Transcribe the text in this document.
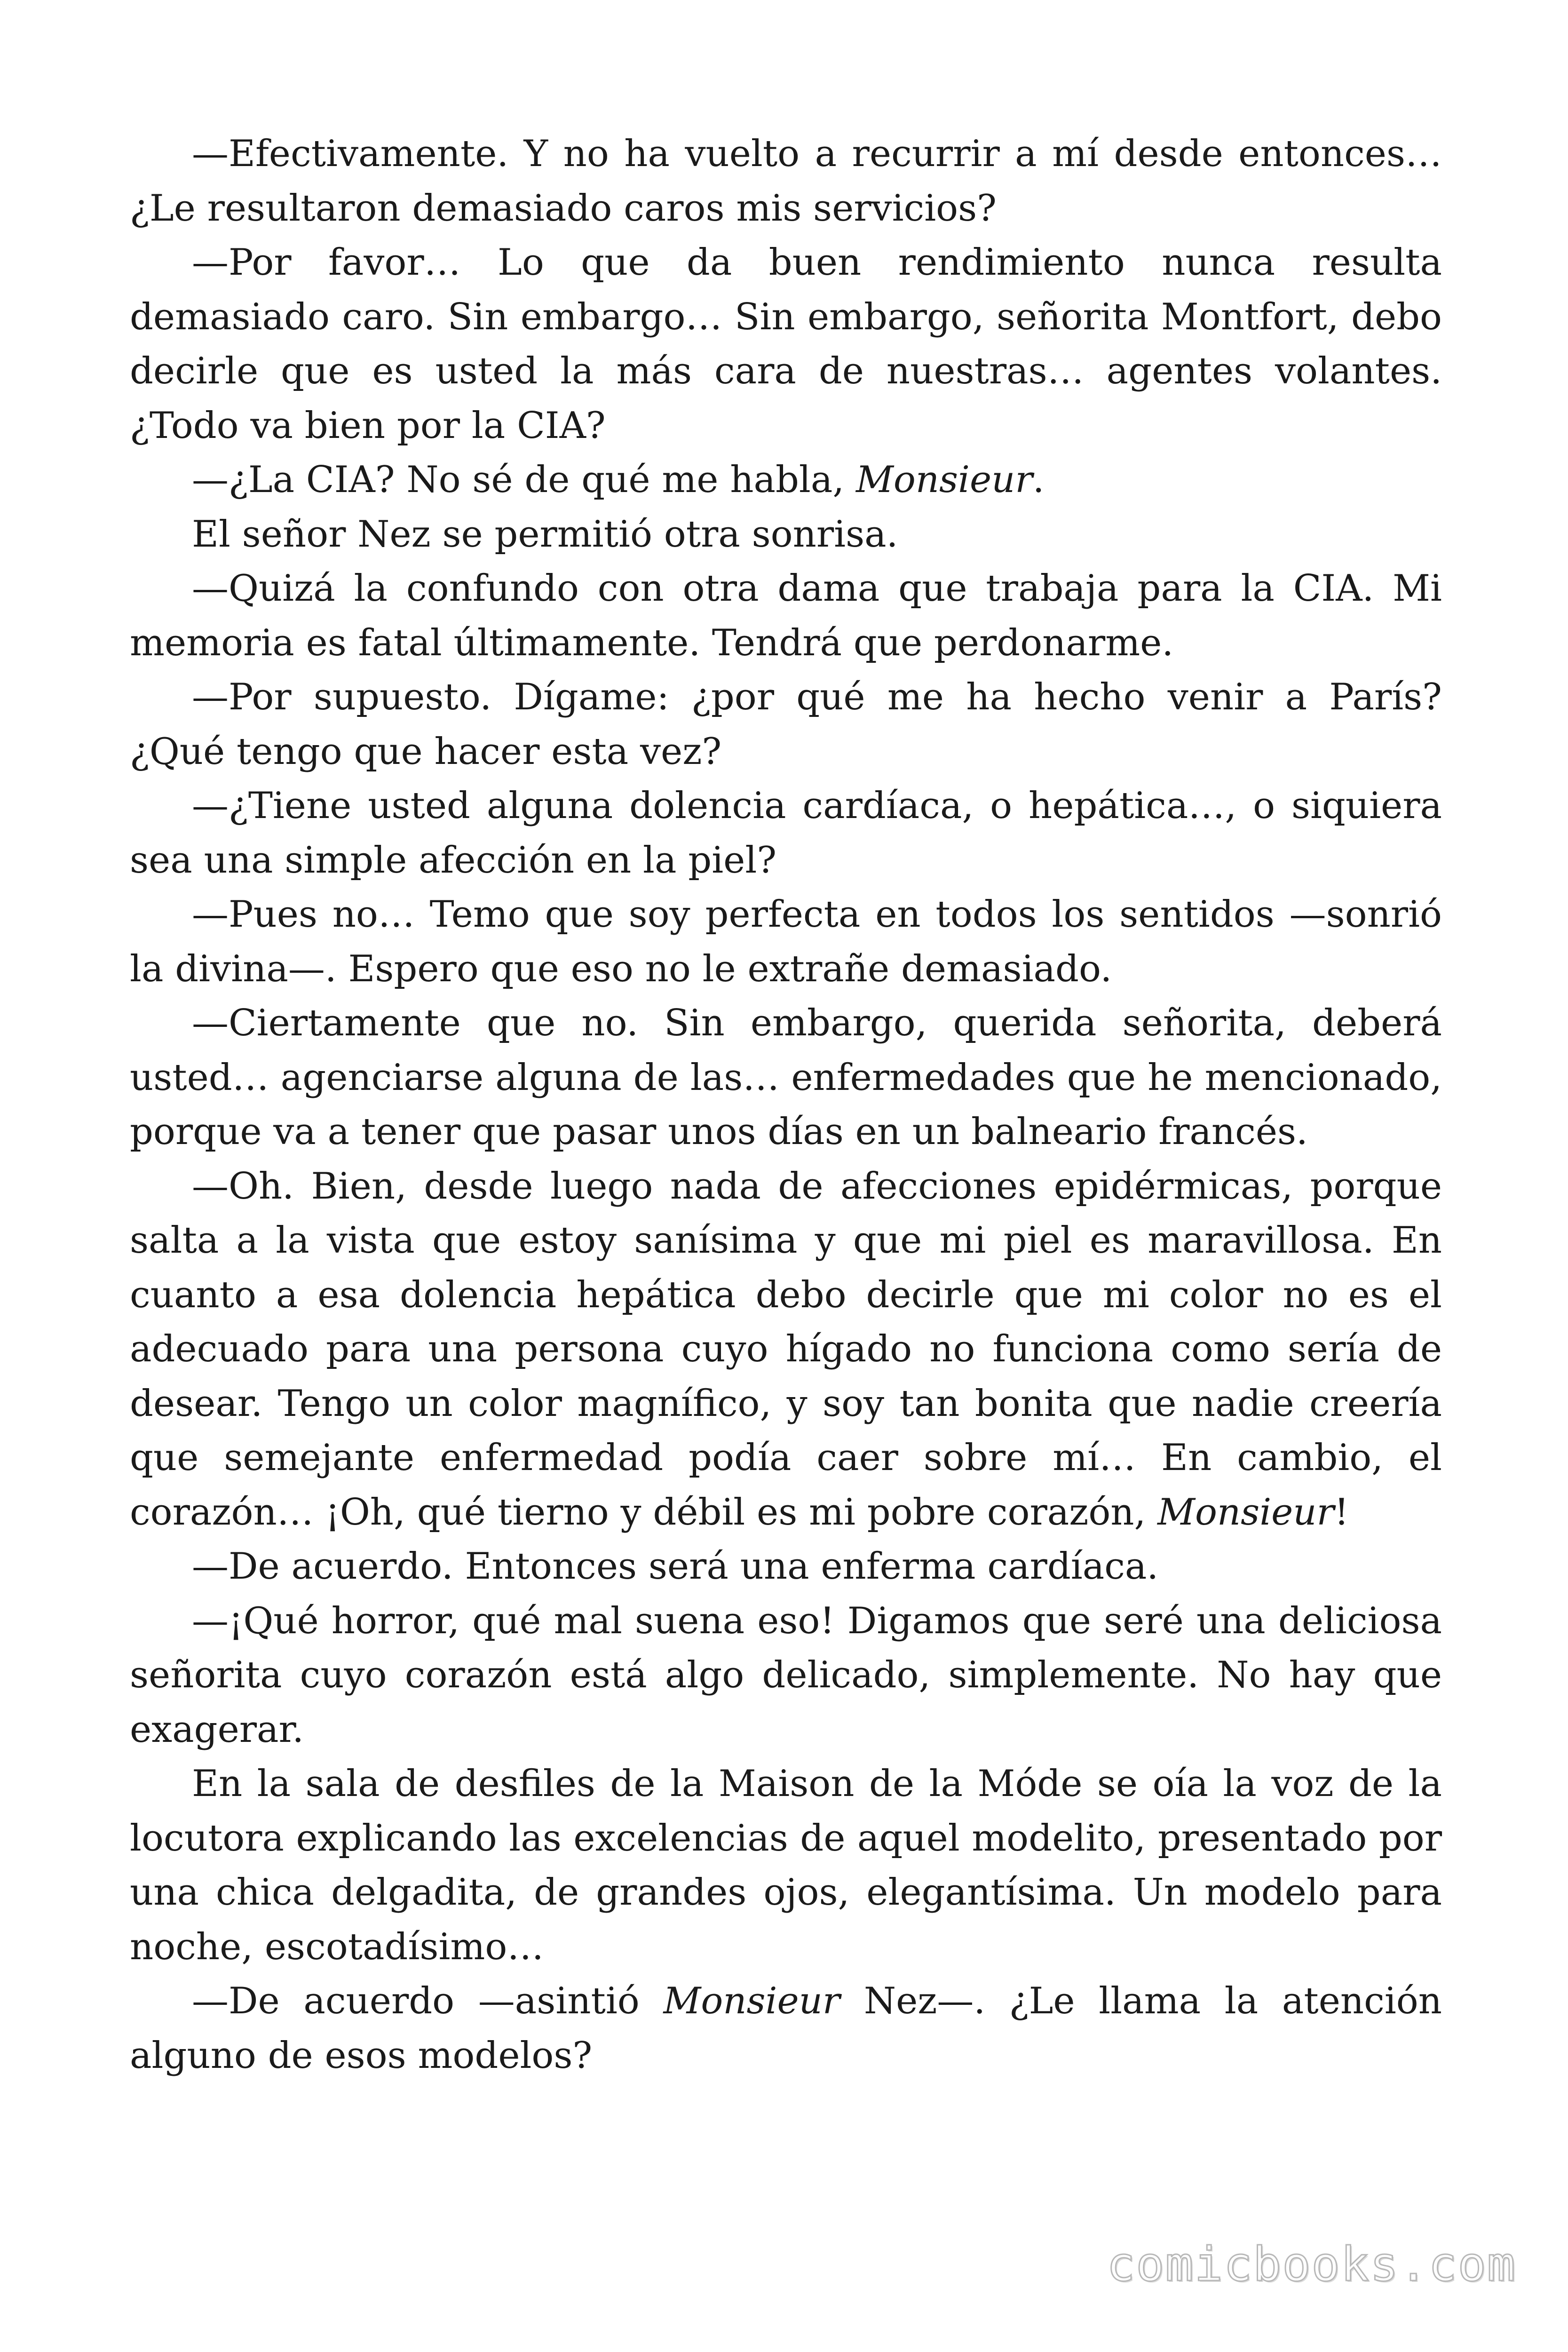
—Efectivamente. Y no ha vuelto a recurrir a mí desde entonces… ¿Le resultaron demasiado caros mis servicios?

—Por favor… Lo que da buen rendimiento nunca resulta demasiado caro. Sin embargo… Sin embargo, señorita Montfort, debo decirle que es usted la más cara de nuestras… agentes volantes. ¿Todo va bien por la CIA?

—¿La CIA? No sé de qué me habla, Monsieur.

El señor Nez se permitió otra sonrisa.

—Quizá la confundo con otra dama que trabaja para la CIA. Mi memoria es fatal últimamente. Tendrá que perdonarme.

—Por supuesto. Dígame: ¿por qué me ha hecho venir a París? ¿Qué tengo que hacer esta vez?

—¿Tiene usted alguna dolencia cardíaca, o hepática…, o siquiera sea una simple afección en la piel?

—Pues no… Temo que soy perfecta en todos los sentidos —sonrió la divina—. Espero que eso no le extrañe demasiado.

—Ciertamente que no. Sin embargo, querida señorita, deberá usted… agenciarse alguna de las… enfermedades que he mencionado, porque va a tener que pasar unos días en un balneario francés.

—Oh. Bien, desde luego nada de afecciones epidérmicas, porque salta a la vista que estoy sanísima y que mi piel es maravillosa. En cuanto a esa dolencia hepática debo decirle que mi color no es el adecuado para una persona cuyo hígado no funciona como sería de desear. Tengo un color magnífico, y soy tan bonita que nadie creería que semejante enfermedad podía caer sobre mí… En cambio, el corazón… ¡Oh, qué tierno y débil es mi pobre corazón, Monsieur!

—De acuerdo. Entonces será una enferma cardíaca.

—¡Qué horror, qué mal suena eso! Digamos que seré una deliciosa señorita cuyo corazón está algo delicado, simplemente. No hay que exagerar.

En la sala de desfiles de la Maison de la Móde se oía la voz de la locutora explicando las excelencias de aquel modelito, presentado por una chica delgadita, de grandes ojos, elegantísima. Un modelo para noche, escotadísimo…

—De acuerdo —asintió Monsieur Nez—. ¿Le llama la atención alguno de esos modelos?

comicbooks.com
